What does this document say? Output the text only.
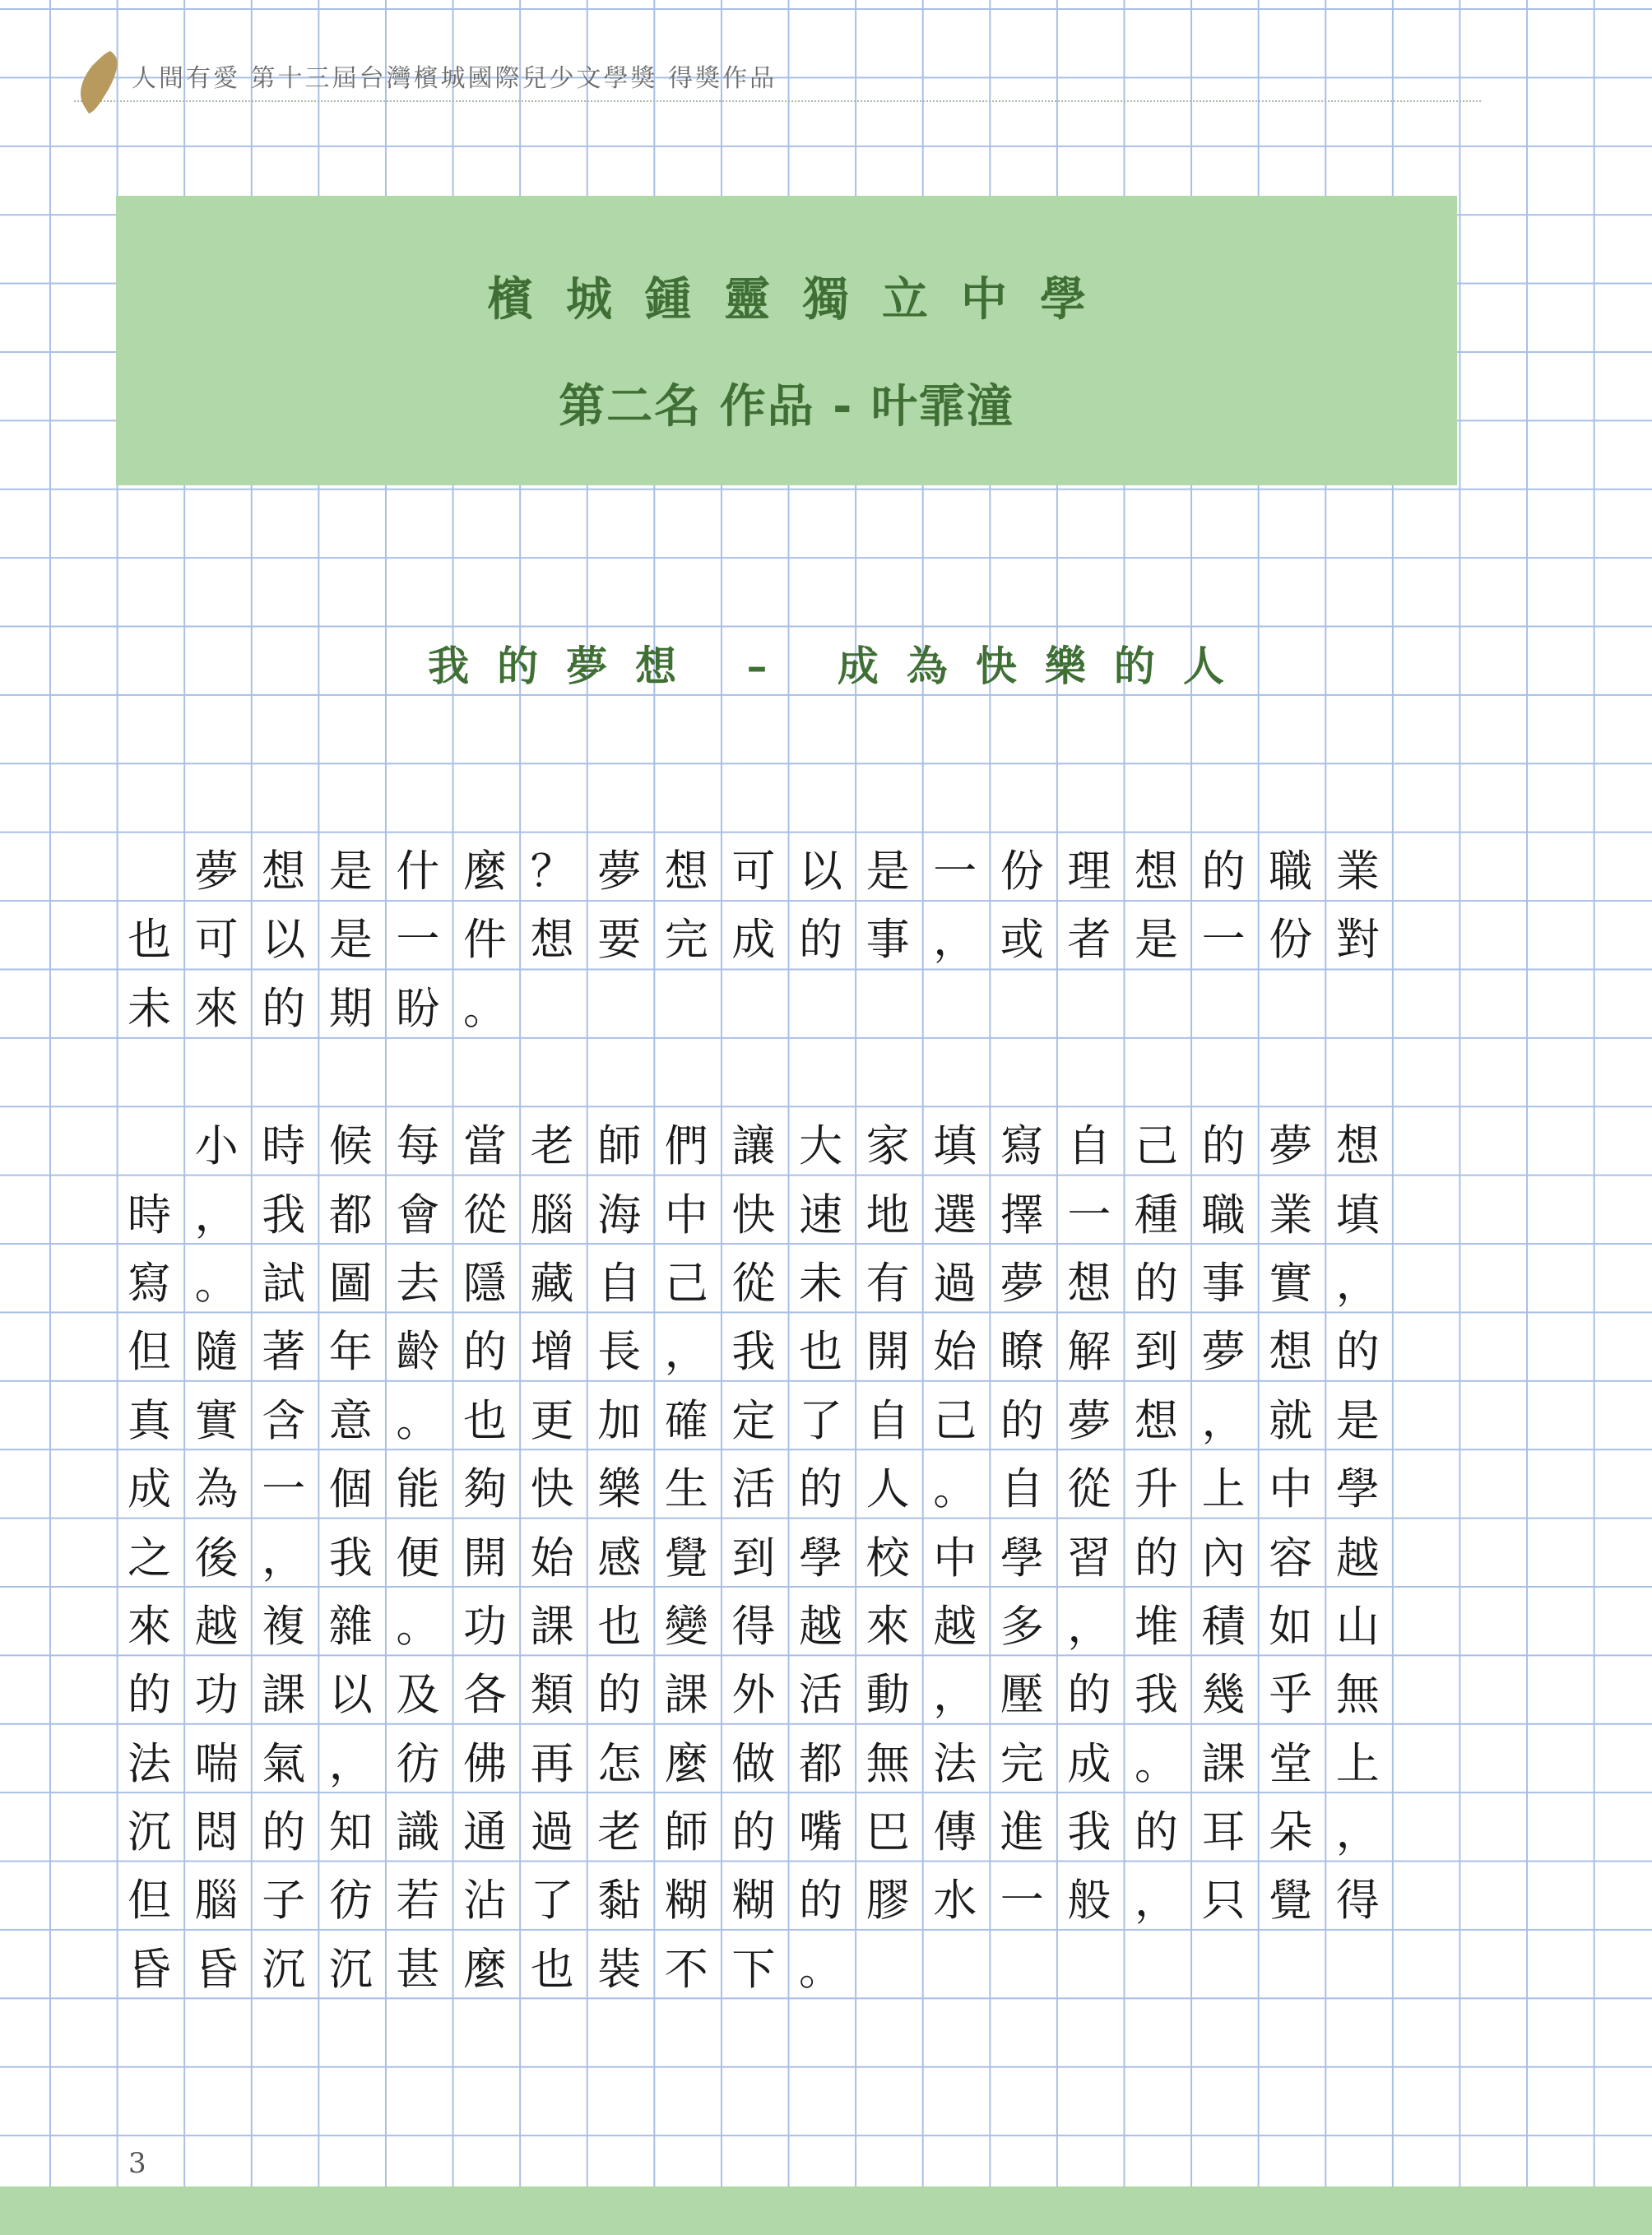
人間有愛 第十三屆台灣檳城國際兒少文學獎 得獎作品
檳城鍾靈獨立中學
第二名 作品 - 叶霏潼
我的夢想 – 成為快樂的人
　夢想是什麼？夢想可以是一份理想的職業
也可以是一件想要完成的事，或者是一份對
未來的期盼。
　小時候每當老師們讓大家填寫自己的夢想
時，我都會從腦海中快速地選擇一種職業填
寫。試圖去隱藏自己從未有過夢想的事實，
但隨著年齡的增長，我也開始瞭解到夢想的
真實含意。也更加確定了自己的夢想，就是
成為一個能夠快樂生活的人。自從升上中學
之後，我便開始感覺到學校中學習的內容越
來越複雜。功課也變得越來越多，堆積如山
的功課以及各類的課外活動，壓的我幾乎無
法喘氣，彷佛再怎麼做都無法完成。課堂上
沉悶的知識通過老師的嘴巴傳進我的耳朵，
但腦子彷若沾了黏糊糊的膠水一般，只覺得
昏昏沉沉甚麼也裝不下。
3
